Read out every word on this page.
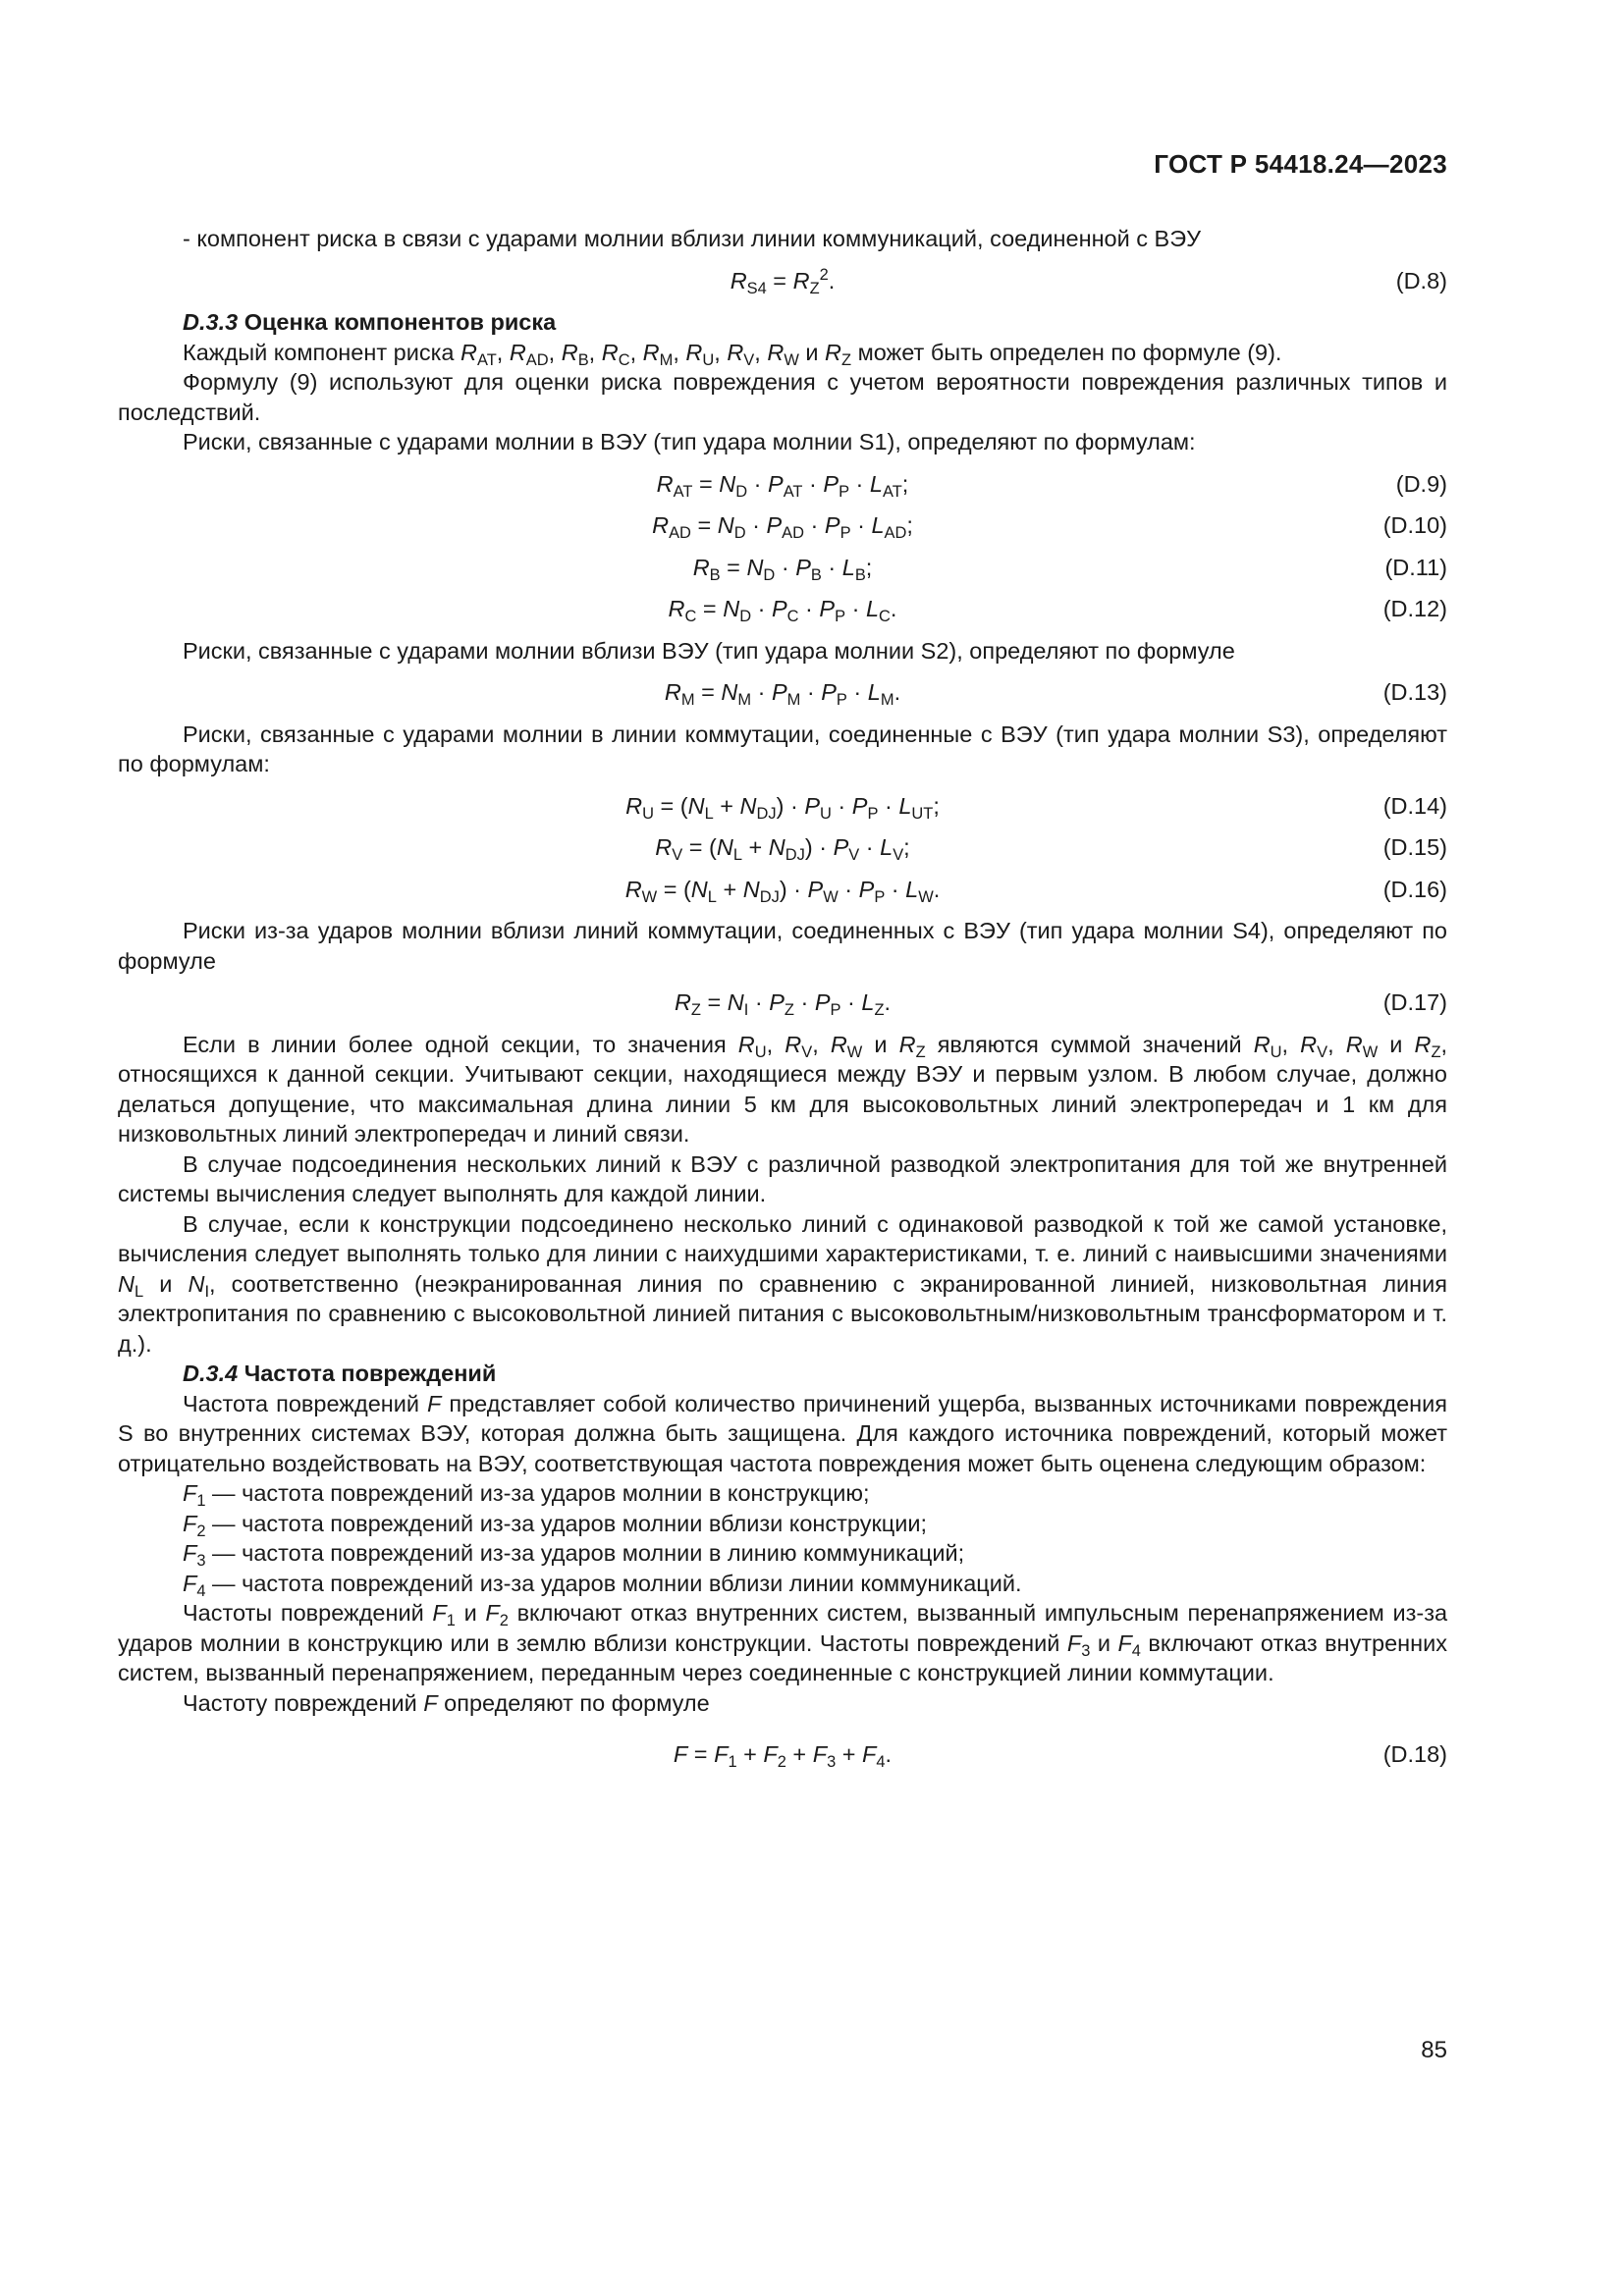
ГОСТ Р 54418.24—2023

- компонент риска в связи с ударами молнии вблизи линии коммуникаций, соединенной с ВЭУ

$R_{S4} = R_Z^2$.	(D.8)
D.3.3 Оценка компонентов риска

Каждый компонент риска $R_{AT}$, $R_{AD}$, $R_B$, $R_C$, $R_M$, $R_U$, $R_V$, $R_W$ и $R_Z$ может быть определен по формуле (9).

Формулу (9) используют для оценки риска повреждения с учетом вероятности повреждения различных типов и последствий.

Риски, связанные с ударами молнии в ВЭУ (тип удара молнии S1), определяют по формулам:

$R_{AT} = N_D \cdot P_{AT} \cdot P_P \cdot L_{AT}$;	(D.9)
$R_{AD} = N_D \cdot P_{AD} \cdot P_P \cdot L_{AD}$;	(D.10)
$R_B = N_D \cdot P_B \cdot L_B$;	(D.11)
$R_C = N_D \cdot P_C \cdot P_P \cdot L_C$.	(D.12)

Риски, связанные с ударами молнии вблизи ВЭУ (тип удара молнии S2), определяют по формуле

$R_M = N_M \cdot P_M \cdot P_P \cdot L_M$.	(D.13)

Риски, связанные с ударами молнии в линии коммутации, соединенные с ВЭУ (тип удара молнии S3), определяют по формулам:

$R_U = (N_L + N_{DJ}) \cdot P_U \cdot P_P \cdot L_{UT}$;	(D.14)
$R_V = (N_L + N_{DJ}) \cdot P_V \cdot L_V$;	(D.15)
$R_W = (N_L + N_{DJ}) \cdot P_W \cdot P_P \cdot L_W$.	(D.16)

Риски из-за ударов молнии вблизи линий коммутации, соединенных с ВЭУ (тип удара молнии S4), определяют по формуле

$R_Z = N_I \cdot P_Z \cdot P_P \cdot L_Z$.	(D.17)

Если в линии более одной секции, то значения $R_U$, $R_V$, $R_W$ и $R_Z$ являются суммой значений $R_U$, $R_V$, $R_W$ и $R_Z$, относящихся к данной секции. Учитывают секции, находящиеся между ВЭУ и первым узлом. В любом случае, должно делаться допущение, что максимальная длина линии 5 км для высоковольтных линий электропередач и 1 км для низковольтных линий электропередач и линий связи.

В случае подсоединения нескольких линий к ВЭУ с различной разводкой электропитания для той же внутренней системы вычисления следует выполнять для каждой линии.

В случае, если к конструкции подсоединено несколько линий с одинаковой разводкой к той же самой установке, вычисления следует выполнять только для линии с наихудшими характеристиками, т. е. линий с наивысшими значениями $N_L$ и $N_I$, соответственно (неэкранированная линия по сравнению с экранированной линией, низковольтная линия электропитания по сравнению с высоковольтной линией питания с высоковольтным/низковольтным трансформатором и т. д.).

D.3.4 Частота повреждений

Частота повреждений F представляет собой количество причинений ущерба, вызванных источниками повреждения S во внутренних системах ВЭУ, которая должна быть защищена. Для каждого источника повреждений, который может отрицательно воздействовать на ВЭУ, соответствующая частота повреждения может быть оценена следующим образом:

$F_1$ — частота повреждений из-за ударов молнии в конструкцию;
$F_2$ — частота повреждений из-за ударов молнии вблизи конструкции;
$F_3$ — частота повреждений из-за ударов молнии в линию коммуникаций;
$F_4$ — частота повреждений из-за ударов молнии вблизи линии коммуникаций.

Частоты повреждений $F_1$ и $F_2$ включают отказ внутренних систем, вызванный импульсным перенапряжением из-за ударов молнии в конструкцию или в землю вблизи конструкции. Частоты повреждений $F_3$ и $F_4$ включают отказ внутренних систем, вызванный перенапряжением, переданным через соединенные с конструкцией линии коммутации.

Частоту повреждений F определяют по формуле

$F = F_1 + F_2 + F_3 + F_4$.	(D.18)
85
